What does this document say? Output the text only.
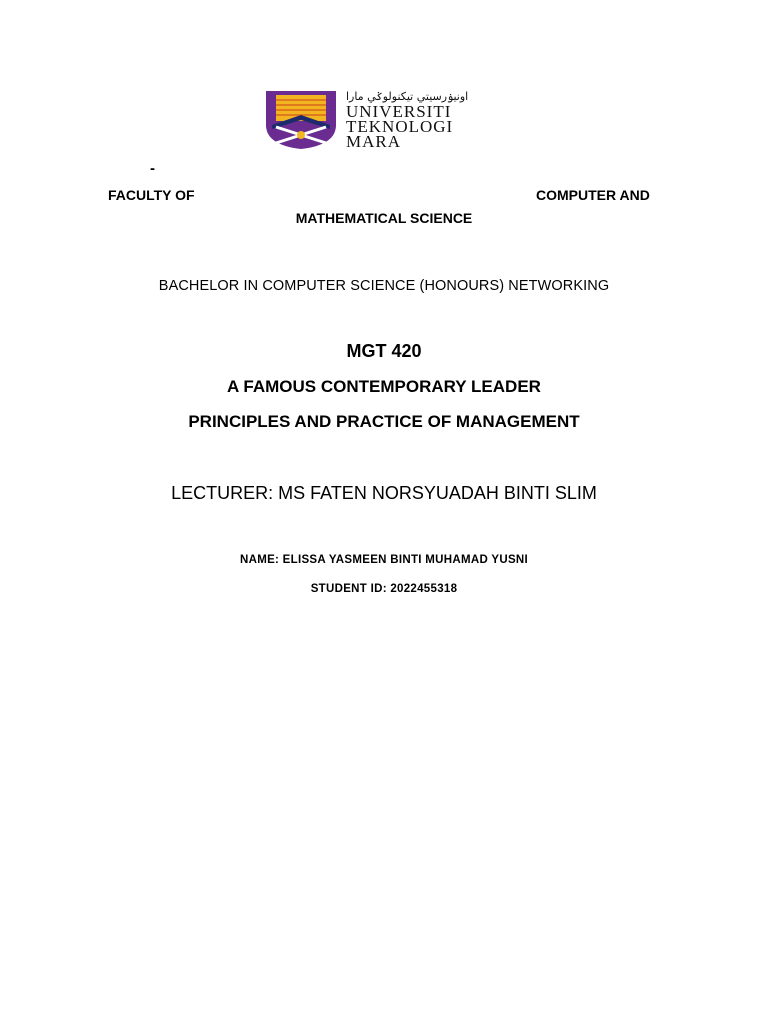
اونيۏرسيتي تيكنولوݢي مارا
UNIVERSITI
TEKNOLOGI
MARA
-
FACULTY OF	COMPUTER AND
MATHEMATICAL SCIENCE
BACHELOR IN COMPUTER SCIENCE (HONOURS) NETWORKING
MGT 420
A FAMOUS CONTEMPORARY LEADER
PRINCIPLES AND PRACTICE OF MANAGEMENT
LECTURER: MS FATEN NORSYUADAH BINTI SLIM
NAME: ELISSA YASMEEN BINTI MUHAMAD YUSNI
STUDENT ID: 2022455318
